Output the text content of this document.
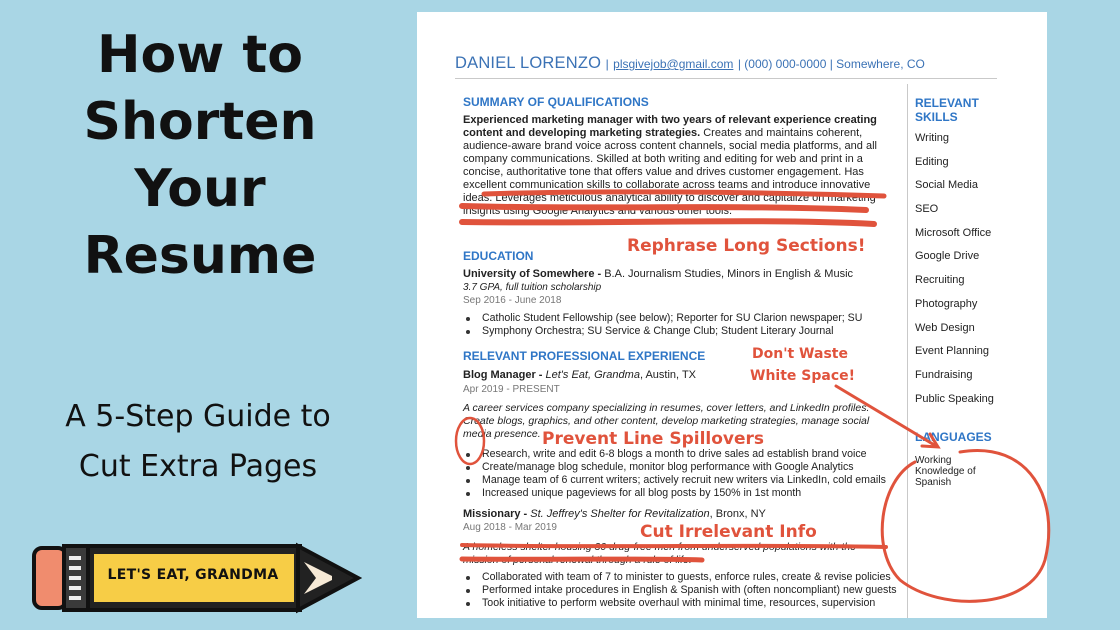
How to
Shorten
Your
Resume
A 5-Step Guide to
Cut Extra Pages
LET'S EAT, GRANDMA
DANIEL LORENZO | plsgivejob@gmail.com | (000) 000-0000 | Somewhere, CO
SUMMARY OF QUALIFICATIONS
Experienced marketing manager with two years of relevant experience creating content and developing marketing strategies. Creates and maintains coherent, audience-aware brand voice across content channels, social media platforms, and all company communications. Skilled at both writing and editing for web and print in a concise, authoritative tone that offers value and drives customer engagement. Has excellent communication skills to collaborate across teams and introduce innovative ideas. Leverages meticulous analytical ability to discover and capitalize on marketing insights using Google Analytics and various other tools.
EDUCATION
University of Somewhere - B.A. Journalism Studies, Minors in English & Music
3.7 GPA, full tuition scholarship
Sep 2016 - June 2018
Catholic Student Fellowship (see below); Reporter for SU Clarion newspaper; SU
Symphony Orchestra; SU Service & Change Club; Student Literary Journal
RELEVANT PROFESSIONAL EXPERIENCE
Blog Manager - Let's Eat, Grandma, Austin, TX
Apr 2019 - PRESENT
A career services company specializing in resumes, cover letters, and LinkedIn profiles.
Create blogs, graphics, and other content, develop marketing strategies, manage social
media presence.
Research, write and edit 6-8 blogs a month to drive sales ad establish brand voice
Create/manage blog schedule, monitor blog performance with Google Analytics
Manage team of 6 current writers; actively recruit new writers via LinkedIn, cold emails
Increased unique pageviews for all blog posts by 150% in 1st month
Missionary - St. Jeffrey's Shelter for Revitalization, Bronx, NY
Aug 2018 - Mar 2019
A homeless shelter housing 30 drug-free men from underserved populations with the
mission of personal renewal through a rule of life.
Collaborated with team of 7 to minister to guests, enforce rules, create & revise policies
Performed intake procedures in English & Spanish with (often noncompliant) new guests
Took initiative to perform website overhaul with minimal time, resources, supervision
RELEVANT SKILLS
Writing
Editing
Social Media
SEO
Microsoft Office
Google Drive
Recruiting
Photography
Web Design
Event Planning
Fundraising
Public Speaking
LANGUAGES
Working Knowledge of Spanish
Rephrase Long Sections!
Don't Waste
White Space!
Prevent Line Spillovers
Cut Irrelevant Info
